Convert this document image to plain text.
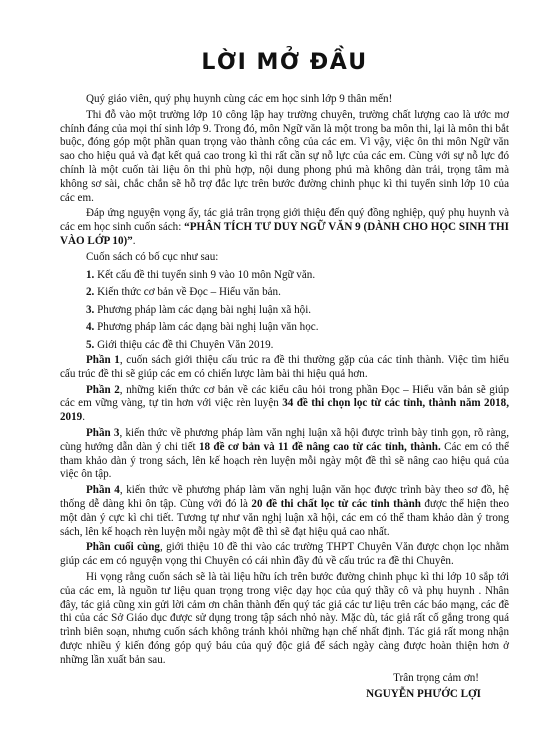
LỜI MỞ ĐẦU

Quý giáo viên, quý phụ huynh cùng các em học sinh lớp 9 thân mến!

Thi đỗ vào một trường lớp 10 công lập hay trường chuyên, trường chất lượng cao là ước mơ chính đáng của mọi thí sinh lớp 9. Trong đó, môn Ngữ văn là một trong ba môn thi, lại là môn thi bắt buộc, đóng góp một phần quan trọng vào thành công của các em. Vì vậy, việc ôn thi môn Ngữ văn sao cho hiệu quả và đạt kết quả cao trong kì thi rất cần sự nỗ lực của các em. Cùng với sự nỗ lực đó chính là một cuốn tài liệu ôn thi phù hợp, nội dung phong phú mà không dàn trải, trọng tâm mà không sơ sài, chắc chắn sẽ hỗ trợ đắc lực trên bước đường chinh phục kì thi tuyển sinh lớp 10 của các em.

Đáp ứng nguyện vọng ấy, tác giả trân trọng giới thiệu đến quý đồng nghiệp, quý phụ huynh và các em học sinh cuốn sách: “PHÂN TÍCH TƯ DUY NGỮ VĂN 9 (DÀNH CHO HỌC SINH THI VÀO LỚP 10)”.

Cuốn sách có bố cục như sau:

1. Kết cấu đề thi tuyển sinh 9 vào 10 môn Ngữ văn.
2. Kiến thức cơ bản về Đọc – Hiểu văn bản.
3. Phương pháp làm các dạng bài nghị luận xã hội.
4. Phương pháp làm các dạng bài nghị luận văn học.
5. Giới thiệu các đề thi Chuyên Văn 2019.

Phần 1, cuốn sách giới thiệu cấu trúc ra đề thi thường gặp của các tỉnh thành. Việc tìm hiểu cấu trúc đề thi sẽ giúp các em có chiến lược làm bài thi hiệu quả hơn.

Phần 2, những kiến thức cơ bản về các kiểu câu hỏi trong phần Đọc – Hiểu văn bản sẽ giúp các em vững vàng, tự tin hơn với việc rèn luyện 34 đề thi chọn lọc từ các tỉnh, thành năm 2018, 2019.

Phần 3, kiến thức về phương pháp làm văn nghị luận xã hội được trình bày tinh gọn, rõ ràng, cùng hướng dẫn dàn ý chi tiết 18 đề cơ bản và 11 đề nâng cao từ các tỉnh, thành. Các em có thể tham khảo dàn ý trong sách, lên kế hoạch rèn luyện mỗi ngày một đề thì sẽ nâng cao hiệu quả của việc ôn tập.

Phần 4, kiến thức về phương pháp làm văn nghị luận văn học được trình bày theo sơ đồ, hệ thống dễ dàng khi ôn tập. Cùng với đó là 20 đề thi chất lọc từ các tỉnh thành được thể hiện theo một dàn ý cực kì chi tiết. Tương tự như văn nghị luận xã hội, các em có thể tham khảo dàn ý trong sách, lên kế hoạch rèn luyện mỗi ngày một đề thì sẽ đạt hiệu quả cao nhất.

Phần cuối cùng, giới thiệu 10 đề thi vào các trường THPT Chuyên Văn được chọn lọc nhằm giúp các em có nguyện vọng thi Chuyên có cái nhìn đầy đủ về cấu trúc ra đề thi Chuyên.

Hi vọng rằng cuốn sách sẽ là tài liệu hữu ích trên bước đường chinh phục kì thi lớp 10 sắp tới của các em, là nguồn tư liệu quan trọng trong việc dạy học của quý thầy cô và phụ huynh . Nhân đây, tác giả cũng xin gửi lời cảm ơn chân thành đến quý tác giả các tư liệu trên các báo mạng, các đề thi của các Sở Giáo dục được sử dụng trong tập sách nhỏ này. Mặc dù, tác giả rất cố gắng trong quá trình biên soạn, nhưng cuốn sách không tránh khỏi những hạn chế nhất định. Tác giả rất mong nhận được nhiều ý kiến đóng góp quý báu của quý độc giả để sách ngày càng được hoàn thiện hơn ở những lần xuất bản sau.

Trân trọng cảm ơn!
NGUYỄN PHƯỚC LỢI
